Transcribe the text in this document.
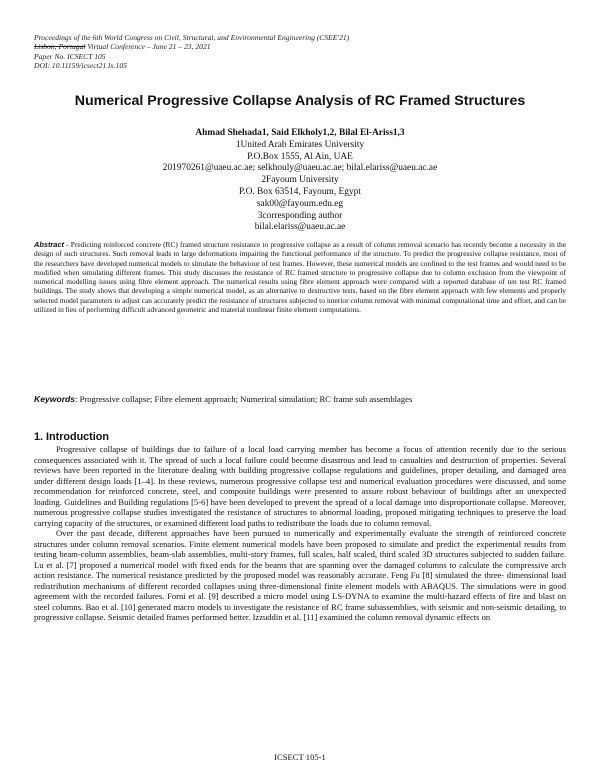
Proceedings of the 6th World Congress on Civil, Structural, and Environmental Engineering (CSEE'21)
Lisbon, Portugal Virtual Conference – June 21 – 23, 2021
Paper No. ICSECT 105
DOI: 10.11159/icsect21.lx.105
Numerical Progressive Collapse Analysis of RC Framed Structures
Ahmad Shehada1, Said Elkholy1,2, Bilal El-Ariss1,3
1United Arab Emirates University
P.O.Box 1555, Al Ain, UAE
201970261@uaeu.ac.ae; selkhouly@uaeu.ac.ae; bilal.elariss@uaeu.ac.ae
2Fayoum University
P.O. Box 63514, Fayoum, Egypt
sak00@fayoum.edu.eg
3corresponding author
bilal.elariss@uaeu.ac.ae
Abstract - Predicting reinforced concrete (RC) framed structure resistance to progressive collapse as a result of column removal scenario has recently become a necessity in the design of such structures. Such removal leads to large deformations impairing the functional performance of the structure. To predict the progressive collapse resistance, most of the researchers have developed numerical models to simulate the behaviour of test frames. However, these numerical models are confined to the test frames and would need to be modified when simulating different frames. This study discusses the resistance of RC framed structure to progressive collapse due to column exclusion from the viewpoint of numerical modelling issues using fibre element approach. The numerical results using fibre element approach were compared with a reported database of ten test RC framed buildings. The study shows that developing a simple numerical model, as an alternative to destructive tests, based on the fibre element approach with few elements and properly selected model parameters to adjust can accurately predict the resistance of structures subjected to interior column removal with minimal computational time and effort, and can be utilized in lieu of performing difficult advanced geometric and material nonlinear finite element computations.
Keywords: Progressive collapse; Fibre element approach; Numerical simulation; RC frame sub assemblages
1. Introduction

Progressive collapse of buildings due to failure of a local load carrying member has become a focus of attention recently due to the serious consequences associated with it. The spread of such a local failure could become disastrous and lead to casualties and destruction of properties. Several reviews have been reported in the literature dealing with building progressive collapse regulations and guidelines, proper detailing, and damaged area under different design loads [1–4]. In these reviews, numerous progressive collapse test and numerical evaluation procedures were discussed, and some recommendation for reinforced concrete, steel, and composite buildings were presented to assure robust behaviour of buildings after an unexpected loading. Guidelines and Building regulations [5-6] have been developed to prevent the spread of a local damage into disproportionate collapse. Moreover, numerous progressive collapse studies investigated the resistance of structures to abnormal loading, proposed mitigating techniques to preserve the load carrying capacity of the structures, or examined different load paths to redistribute the loads due to column removal.

Over the past decade, different approaches have been pursued to numerically and experimentally evaluate the strength of reinforced concrete structures under column removal scenarios. Finite element numerical models have been proposed to simulate and predict the experimental results from testing beam-column assemblies, beam-slab assemblies, multi-story frames, full scales, half scaled, third scaled 3D structures subjected to sudden failure. Lu et al. [7] proposed a numerical model with fixed ends for the beams that are spanning over the damaged columns to calculate the compressive arch action resistance. The numerical resistance predicted by the proposed model was reasonably accurate. Feng Fu [8] simulated the three- dimensional load redistribution mechanisms of different recorded collapses using three-dimensional finite element models with ABAQUS. The simulations were in good agreement with the recorded failures. Forni et al. [9] described a micro model using LS-DYNA to examine the multi-hazard effects of fire and blast on steel columns. Bao et al. [10] generated macro models to investigate the resistance of RC frame subassemblies, with seismic and non-seismic detailing, to progressive collapse. Seismic detailed frames performed better. Izzuddin et al. [11] examined the column removal dynamic effects on

ICSECT 105-1
